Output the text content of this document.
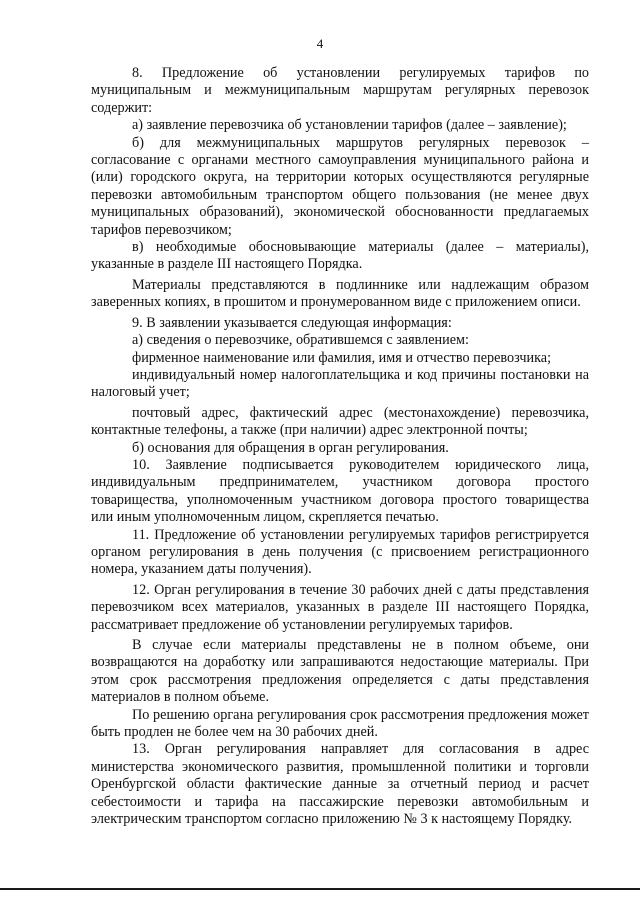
4

8. Предложение об установлении регулируемых тарифов по муниципальным и межмуниципальным маршрутам регулярных перевозок содержит:

а) заявление перевозчика об установлении тарифов (далее – заявление);

б) для межмуниципальных маршрутов регулярных перевозок – согласование с органами местного самоуправления муниципального района и (или) городского округа, на территории которых осуществляются регулярные перевозки автомобильным транспортом общего пользования (не менее двух муниципальных образований), экономической обоснованности предлагаемых тарифов перевозчиком;

в) необходимые обосновывающие материалы (далее – материалы), указанные в разделе III настоящего Порядка.

Материалы представляются в подлиннике или надлежащим образом заверенных копиях, в прошитом и пронумерованном виде с приложением описи.

9. В заявлении указывается следующая информация:

а) сведения о перевозчике, обратившемся с заявлением:

фирменное наименование или фамилия, имя и отчество перевозчика;

индивидуальный номер налогоплательщика и код причины постановки на налоговый учет;

почтовый адрес, фактический адрес (местонахождение) перевозчика, контактные телефоны, а также (при наличии) адрес электронной почты;

б) основания для обращения в орган регулирования.

10. Заявление подписывается руководителем юридического лица, индивидуальным предпринимателем, участником договора простого товарищества, уполномоченным участником договора простого товарищества или иным уполномоченным лицом, скрепляется печатью.

11. Предложение об установлении регулируемых тарифов регистрируется органом регулирования в день получения (с присвоением регистрационного номера, указанием даты получения).

12. Орган регулирования в течение 30 рабочих дней с даты представления перевозчиком всех материалов, указанных в разделе III настоящего Порядка, рассматривает предложение об установлении регулируемых тарифов.

В случае если материалы представлены не в полном объеме, они возвращаются на доработку или запрашиваются недостающие материалы. При этом срок рассмотрения предложения определяется с даты представления материалов в полном объеме.

По решению органа регулирования срок рассмотрения предложения может быть продлен не более чем на 30 рабочих дней.

13. Орган регулирования направляет для согласования в адрес министерства экономического развития, промышленной политики и торговли Оренбургской области фактические данные за отчетный период и расчет себестоимости и тарифа на пассажирские перевозки автомобильным и электрическим транспортом согласно приложению № 3 к настоящему Порядку.
